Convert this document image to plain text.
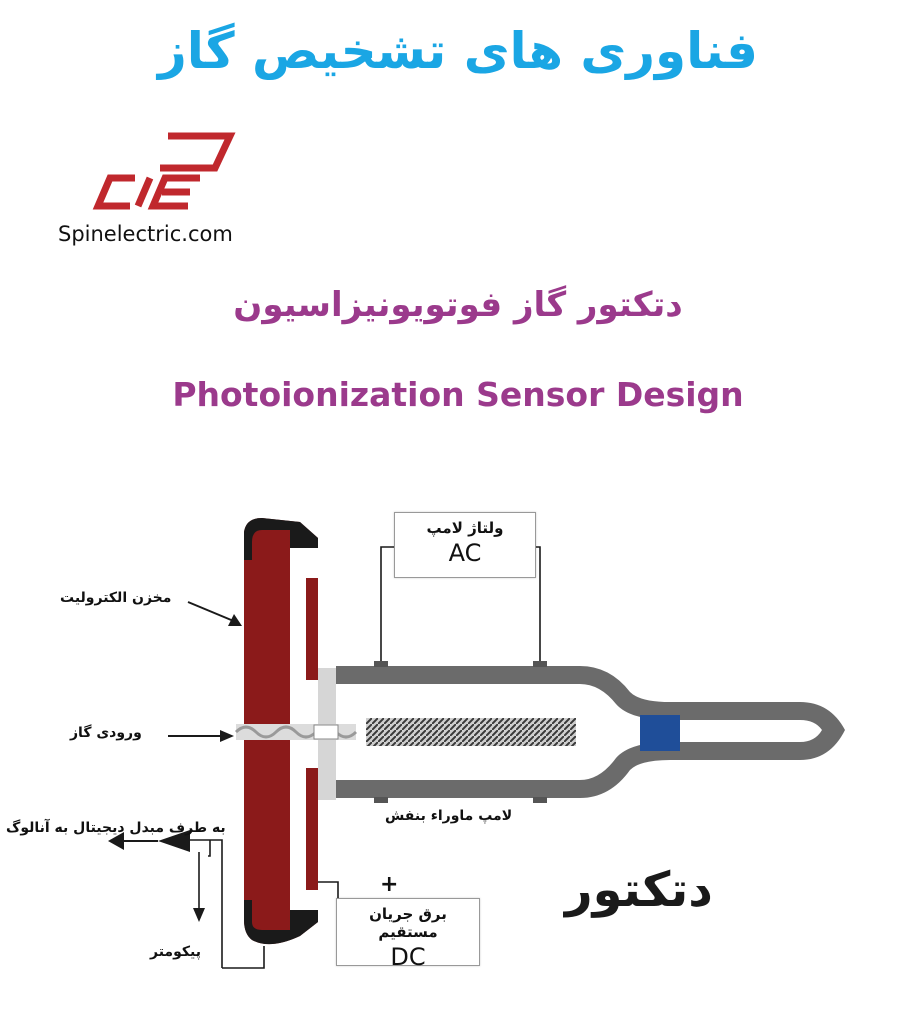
فناوری های تشخیص گاز
Spinelectric.com
دتکتور گاز فوتویونیزاسیون
Photoionization Sensor Design
مخزن الکترولیت
ورودی گاز
به طرف مبدل دیجیتال به آنالوگ
پیکومتر
لامپ ماوراء بنفش
ولتاژ لامپ
AC
+
برق جریان مستقیم
DC
دتکتور
